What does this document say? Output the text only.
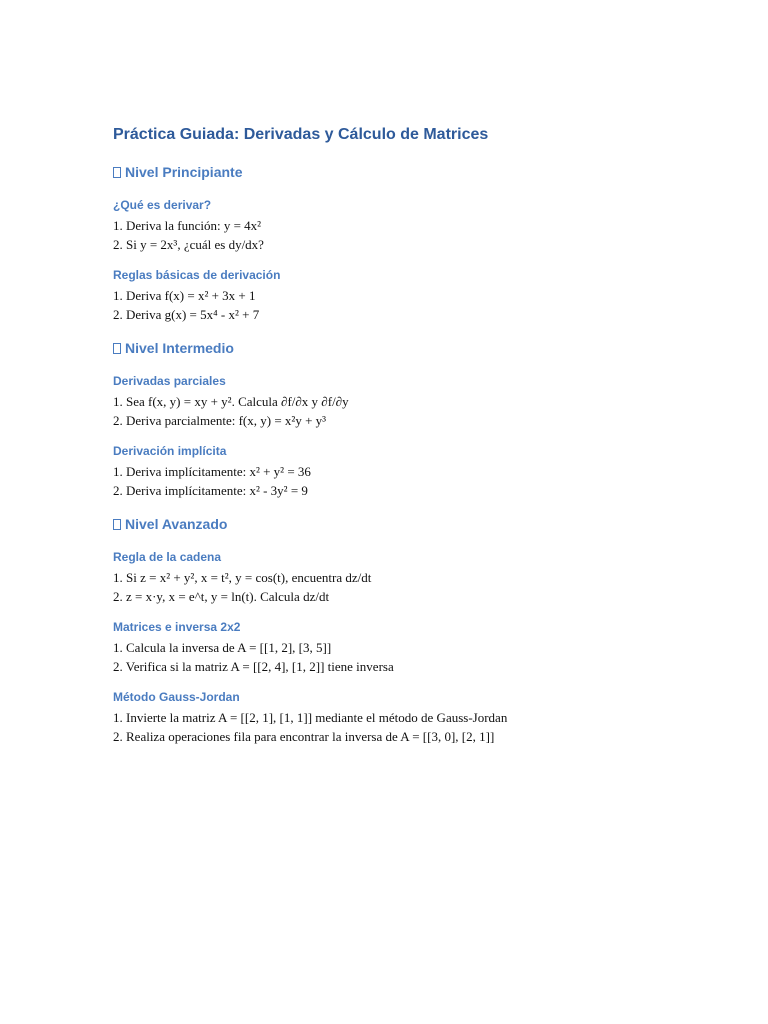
Práctica Guiada: Derivadas y Cálculo de Matrices
Nivel Principiante
¿Qué es derivar?

1. Deriva la función: y = 4x²

2. Si y = 2x³, ¿cuál es dy/dx?

Reglas básicas de derivación

1. Deriva f(x) = x² + 3x + 1

2. Deriva g(x) = 5x⁴ - x² + 7

Nivel Intermedio
Derivadas parciales

1. Sea f(x, y) = xy + y². Calcula ∂f/∂x y ∂f/∂y

2. Deriva parcialmente: f(x, y) = x²y + y³

Derivación implícita

1. Deriva implícitamente: x² + y² = 36

2. Deriva implícitamente: x² - 3y² = 9

Nivel Avanzado
Regla de la cadena

1. Si z = x² + y², x = t², y = cos(t), encuentra dz/dt

2. z = x·y, x = e^t, y = ln(t). Calcula dz/dt

Matrices e inversa 2x2

1. Calcula la inversa de A = [[1, 2], [3, 5]]

2. Verifica si la matriz A = [[2, 4], [1, 2]] tiene inversa

Método Gauss-Jordan

1. Invierte la matriz A = [[2, 1], [1, 1]] mediante el método de Gauss-Jordan

2. Realiza operaciones fila para encontrar la inversa de A = [[3, 0], [2, 1]]
